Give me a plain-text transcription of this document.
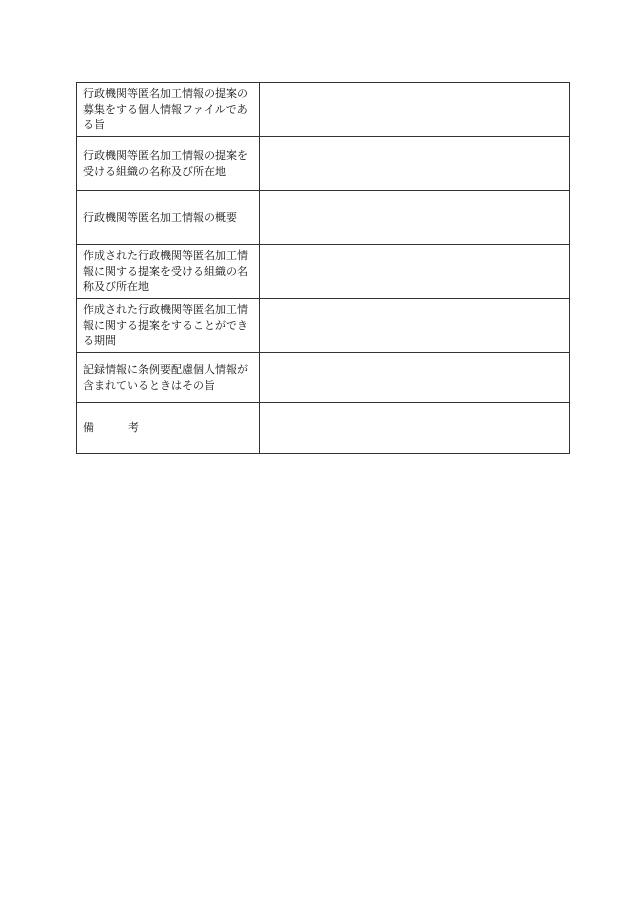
行政機関等匿名加工情報の提案の募集をする個人情報ファイルである旨	
行政機関等匿名加工情報の提案を受ける組織の名称及び所在地	
行政機関等匿名加工情報の概要	
作成された行政機関等匿名加工情報に関する提案を受ける組織の名称及び所在地	
作成された行政機関等匿名加工情報に関する提案をすることができる期間	
記録情報に条例要配慮個人情報が含まれているときはその旨	
備 考	
